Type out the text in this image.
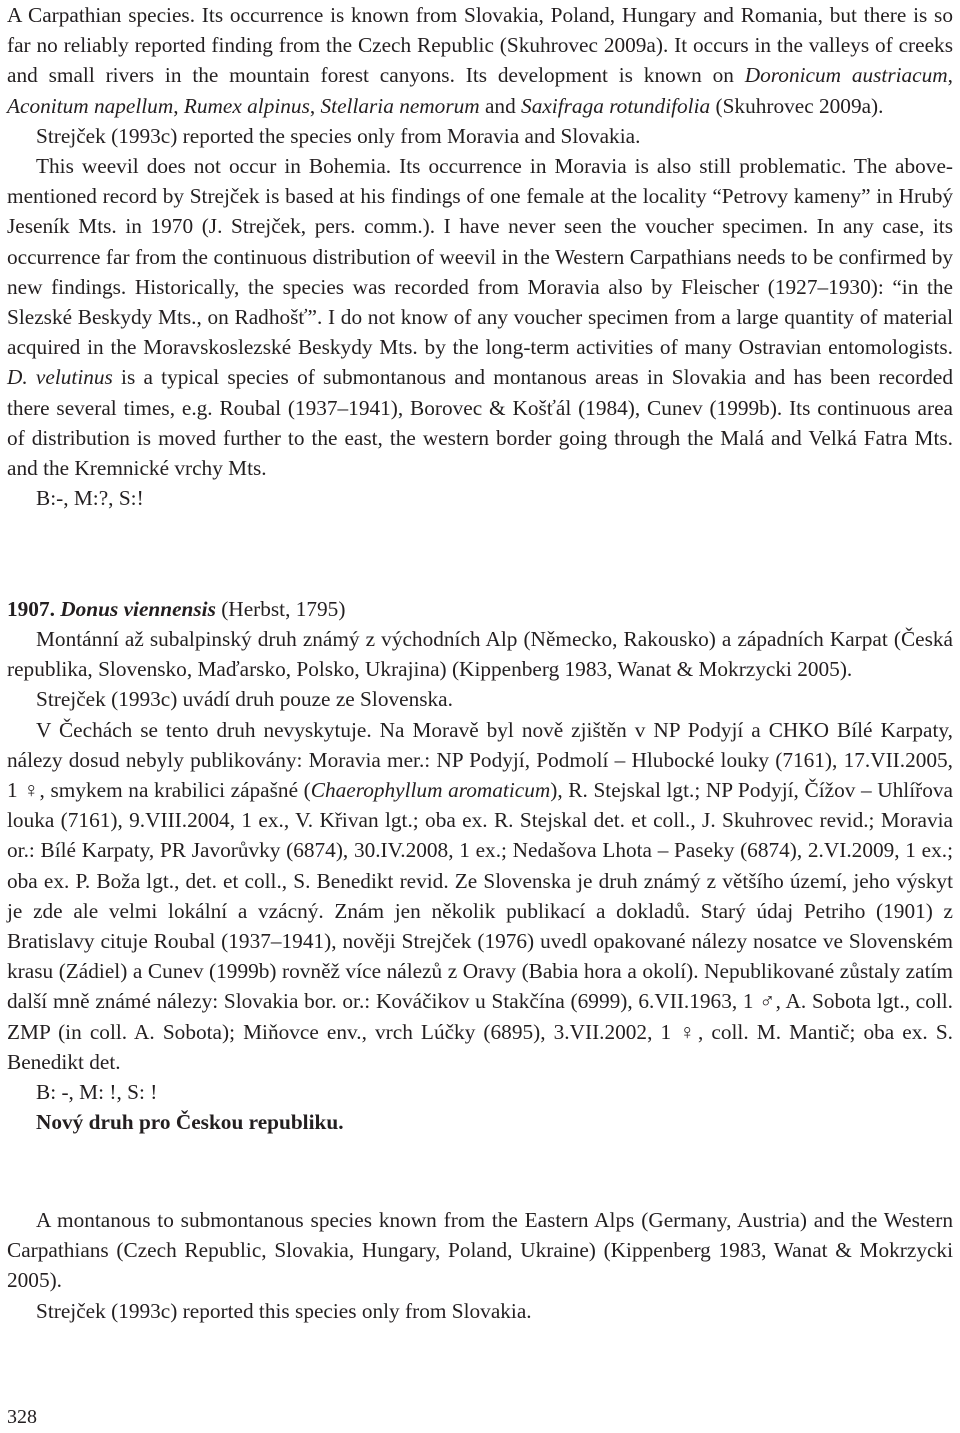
A Carpathian species. Its occurrence is known from Slovakia, Poland, Hungary and Romania, but there is so far no reliably reported finding from the Czech Republic (Skuhrovec 2009a). It occurs in the valleys of creeks and small rivers in the mountain forest canyons. Its development is known on Doronicum austriacum, Aconitum napellum, Rumex alpinus, Stellaria nemorum and Saxifraga rotundifolia (Skuhrovec 2009a).

Strejček (1993c) reported the species only from Moravia and Slovakia.

This weevil does not occur in Bohemia. Its occurrence in Moravia is also still problematic. The above-mentioned record by Strejček is based at his findings of one female at the locality “Petrovy kameny” in Hrubý Jeseník Mts. in 1970 (J. Strejček, pers. comm.). I have never seen the voucher specimen. In any case, its occurrence far from the continuous distribution of weevil in the Western Carpathians needs to be confirmed by new findings. Historically, the species was recorded from Moravia also by Fleischer (1927–1930): “in the Slezské Beskydy Mts., on Radhošť”. I do not know of any voucher specimen from a large quantity of material acquired in the Moravskoslezské Beskydy Mts. by the long-term activities of many Ostravian entomologists. D. velutinus is a typical species of submontanous and montanous areas in Slovakia and has been recorded there several times, e.g. Roubal (1937–1941), Borovec & Košťál (1984), Cunev (1999b). Its continuous area of distribution is moved further to the east, the western border going through the Malá and Velká Fatra Mts. and the Kremnické vrchy Mts.

B:-, M:?, S:!

1907. Donus viennensis (Herbst, 1795)

Montánní až subalpinský druh známý z východních Alp (Německo, Rakousko) a západních Karpat (Česká republika, Slovensko, Maďarsko, Polsko, Ukrajina) (Kippenberg 1983, Wanat & Mokrzycki 2005).

Strejček (1993c) uvádí druh pouze ze Slovenska.

V Čechách se tento druh nevyskytuje. Na Moravě byl nově zjištěn v NP Podyjí a CHKO Bílé Karpaty, nálezy dosud nebyly publikovány: Moravia mer.: NP Podyjí, Podmolí – Hlubocké louky (7161), 17.VII.2005, 1 ♀, smykem na krabilici zápašné (Chaerophyllum aromaticum), R. Stejskal lgt.; NP Podyjí, Čížov – Uhlířova louka (7161), 9.VIII.2004, 1 ex., V. Křivan lgt.; oba ex. R. Stejskal det. et coll., J. Skuhrovec revid.; Moravia or.: Bílé Karpaty, PR Javorůvky (6874), 30.IV.2008, 1 ex.; Nedašova Lhota – Paseky (6874), 2.VI.2009, 1 ex.; oba ex. P. Boža lgt., det. et coll., S. Benedikt revid. Ze Slovenska je druh známý z většího území, jeho výskyt je zde ale velmi lokální a vzácný. Znám jen několik publikací a dokladů. Starý údaj Petriho (1901) z Bratislavy cituje Roubal (1937–1941), nověji Strejček (1976) uvedl opakované nálezy nosatce ve Slovenském krasu (Zádiel) a Cunev (1999b) rovněž více nálezů z Oravy (Babia hora a okolí). Nepublikované zůstaly zatím další mně známé nálezy: Slovakia bor. or.: Kováčikov u Stakčína (6999), 6.VII.1963, 1 ♂, A. Sobota lgt., coll. ZMP (in coll. A. Sobota); Miňovce env., vrch Lúčky (6895), 3.VII.2002, 1 ♀, coll. M. Mantič; oba ex. S. Benedikt det.

B: -, M: !, S: !

Nový druh pro Českou republiku.

A montanous to submontanous species known from the Eastern Alps (Germany, Austria) and the Western Carpathians (Czech Republic, Slovakia, Hungary, Poland, Ukraine) (Kippenberg 1983, Wanat & Mokrzycki 2005).

Strejček (1993c) reported this species only from Slovakia.

328
